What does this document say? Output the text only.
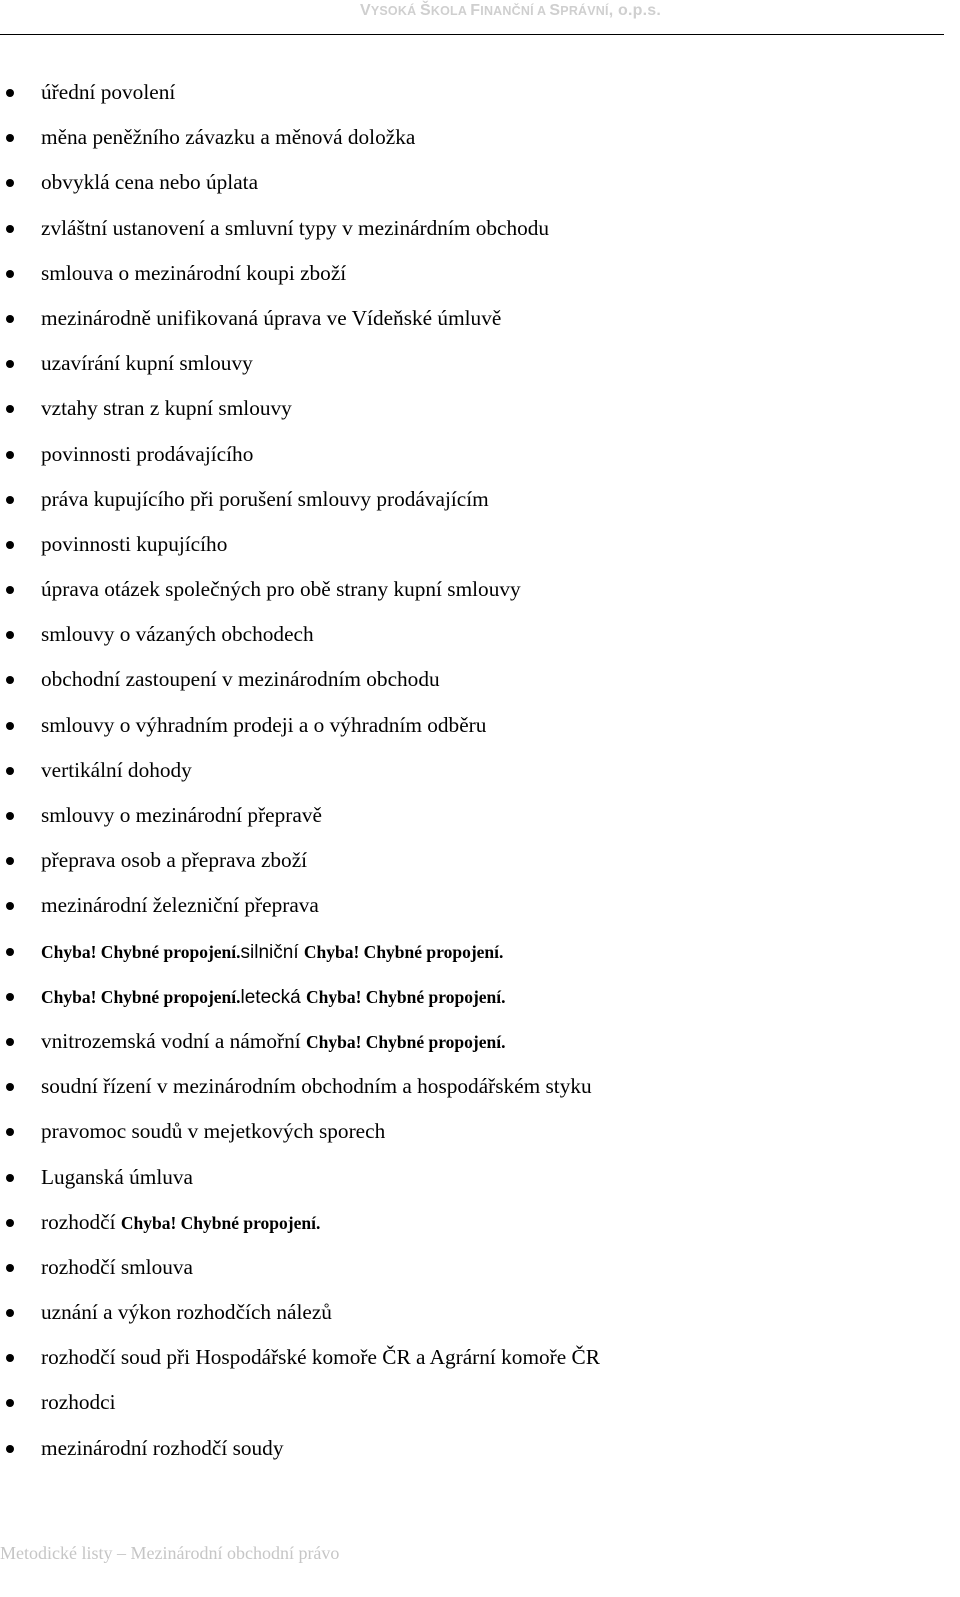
VYSOKÁ ŠKOLA FINANČNÍ A SPRÁVNÍ, o.p.s.
úřední povolení
měna peněžního závazku a měnová doložka
obvyklá cena nebo úplata
zvláštní ustanovení a smluvní typy v mezinárdním obchodu
smlouva o mezinárodní koupi zboží
mezinárodně unifikovaná úprava ve Vídeňské úmluvě
uzavírání kupní smlouvy
vztahy stran z kupní smlouvy
povinnosti prodávajícího
práva kupujícího při porušení smlouvy prodávajícím
povinnosti kupujícího
úprava otázek společných pro obě strany kupní smlouvy
smlouvy o vázaných obchodech
obchodní zastoupení v mezinárodním obchodu
smlouvy o výhradním prodeji a o výhradním odběru
vertikální dohody
smlouvy o mezinárodní přepravě
přeprava osob a přeprava zboží
mezinárodní železniční přeprava
Chyba! Chybné propojení.silniční Chyba! Chybné propojení.
Chyba! Chybné propojení.letecká Chyba! Chybné propojení.
vnitrozemská vodní a námořní Chyba! Chybné propojení.
soudní řízení v mezinárodním obchodním a hospodářském styku
pravomoc soudů v mejetkových sporech
Luganská úmluva
rozhodčí Chyba! Chybné propojení.
rozhodčí smlouva
uznání a výkon rozhodčích nálezů
rozhodčí soud při Hospodářské komoře ČR a Agrární komoře ČR
rozhodci
mezinárodní rozhodčí soudy
Metodické listy – Mezinárodní obchodní právo
